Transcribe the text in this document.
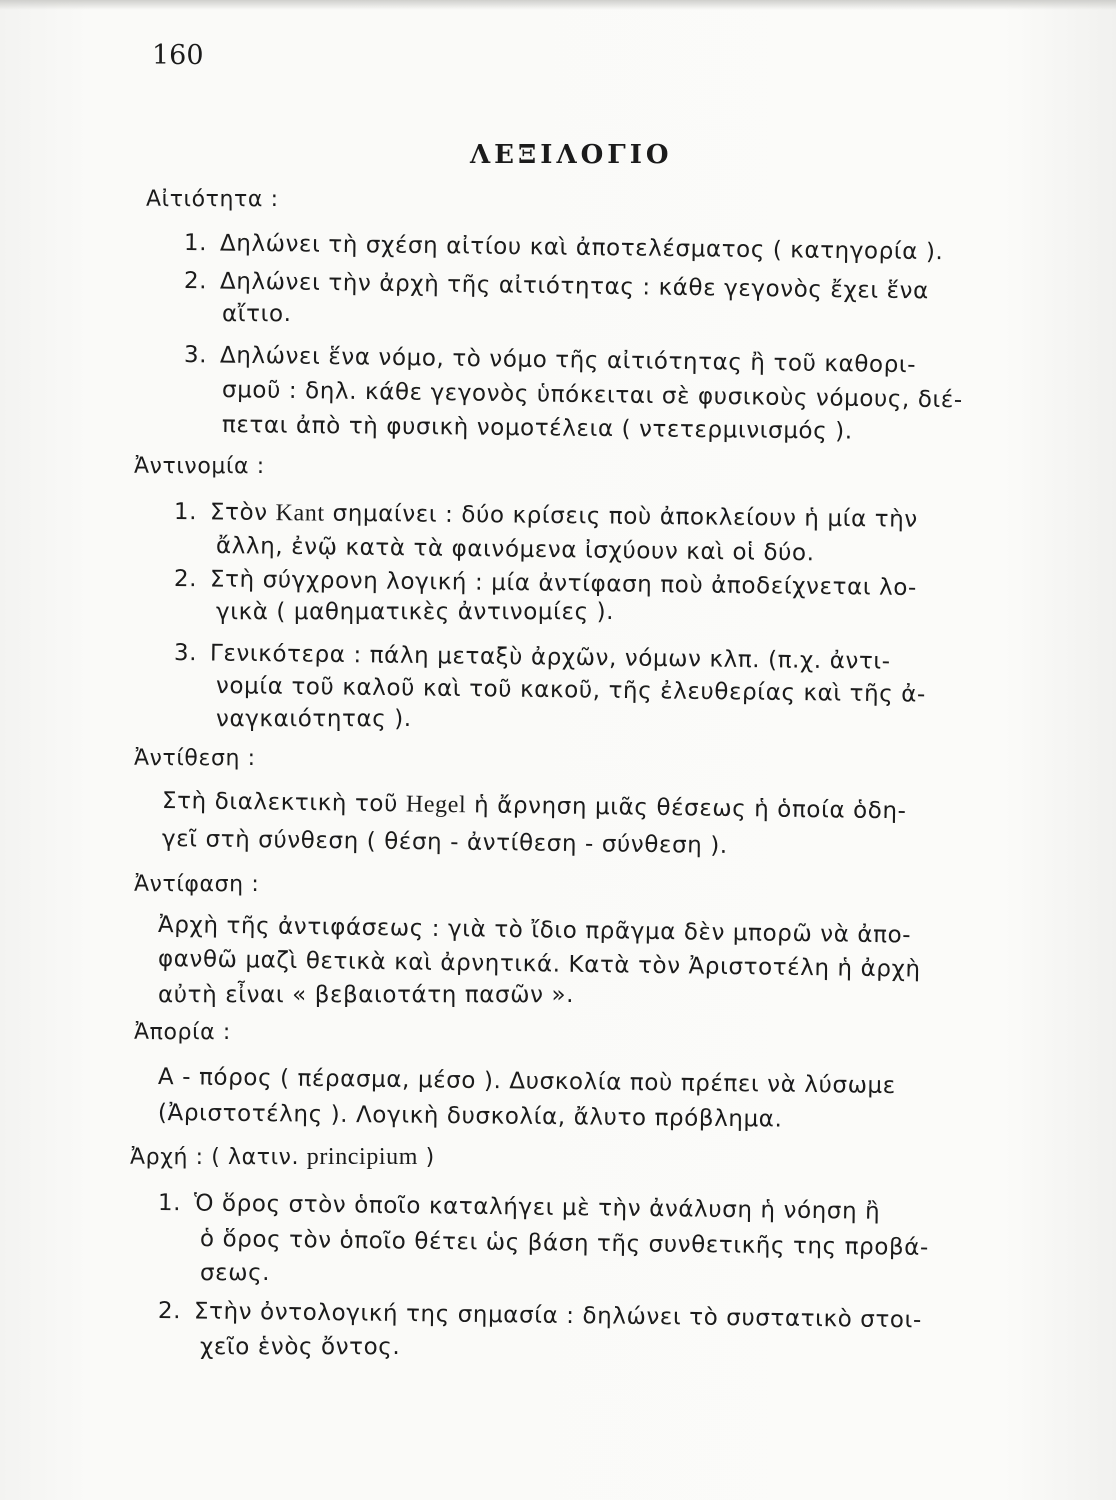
160
ΛΕΞΙΛΟΓΙΟ
Αἰτιότητα :
1. Δηλώνει τὴ σχέση αἰτίου καὶ ἀποτελέσματος ( κατηγορία ).
2. Δηλώνει τὴν ἀρχὴ τῆς αἰτιότητας : κάθε γεγονὸς ἔχει ἕνα
αἴτιο.
3. Δηλώνει ἕνα νόμο, τὸ νόμο τῆς αἰτιότητας ἢ τοῦ καθορι-
σμοῦ : δηλ. κάθε γεγονὸς ὑπόκειται σὲ φυσικοὺς νόμους, διέ-
πεται ἀπὸ τὴ φυσικὴ νομοτέλεια ( ντετερμινισμός ).
Ἀντινομία :
1. Στὸν Kant σημαίνει : δύο κρίσεις ποὺ ἀποκλείουν ἡ μία τὴν
ἄλλη, ἐνῷ κατὰ τὰ φαινόμενα ἰσχύουν καὶ οἱ δύο.
2. Στὴ σύγχρονη λογική : μία ἀντίφαση ποὺ ἀποδείχνεται λο-
γικὰ ( μαθηματικὲς ἀντινομίες ).
3. Γενικότερα : πάλη μεταξὺ ἀρχῶν, νόμων κλπ. (π.χ. ἀντι-
νομία τοῦ καλοῦ καὶ τοῦ κακοῦ, τῆς ἐλευθερίας καὶ τῆς ἀ-
ναγκαιότητας ).
Ἀντίθεση :
Στὴ διαλεκτικὴ τοῦ Hegel ἡ ἄρνηση μιᾶς θέσεως ἡ ὁποία ὁδη-
γεῖ στὴ σύνθεση ( θέση - ἀντίθεση - σύνθεση ).
Ἀντίφαση :
Ἀρχὴ τῆς ἀντιφάσεως : γιὰ τὸ ἴδιο πρᾶγμα δὲν μπορῶ νὰ ἀπο-
φανθῶ μαζὶ θετικὰ καὶ ἀρνητικά. Κατὰ τὸν Ἀριστοτέλη ἡ ἀρχὴ
αὐτὴ εἶναι « βεβαιοτάτη πασῶν ».
Ἀπορία :
Α - πόρος ( πέρασμα, μέσο ). Δυσκολία ποὺ πρέπει νὰ λύσωμε
(Ἀριστοτέλης ). Λογικὴ δυσκολία, ἄλυτο πρόβλημα.
Ἀρχή : ( λατιν. principium )
1. Ὁ ὅρος στὸν ὁποῖο καταλήγει μὲ τὴν ἀνάλυση ἡ νόηση ἢ
ὁ ὅρος τὸν ὁποῖο θέτει ὡς βάση τῆς συνθετικῆς της προβά-
σεως.
2. Στὴν ὀντολογική της σημασία : δηλώνει τὸ συστατικὸ στοι-
χεῖο ἑνὸς ὄντος.
